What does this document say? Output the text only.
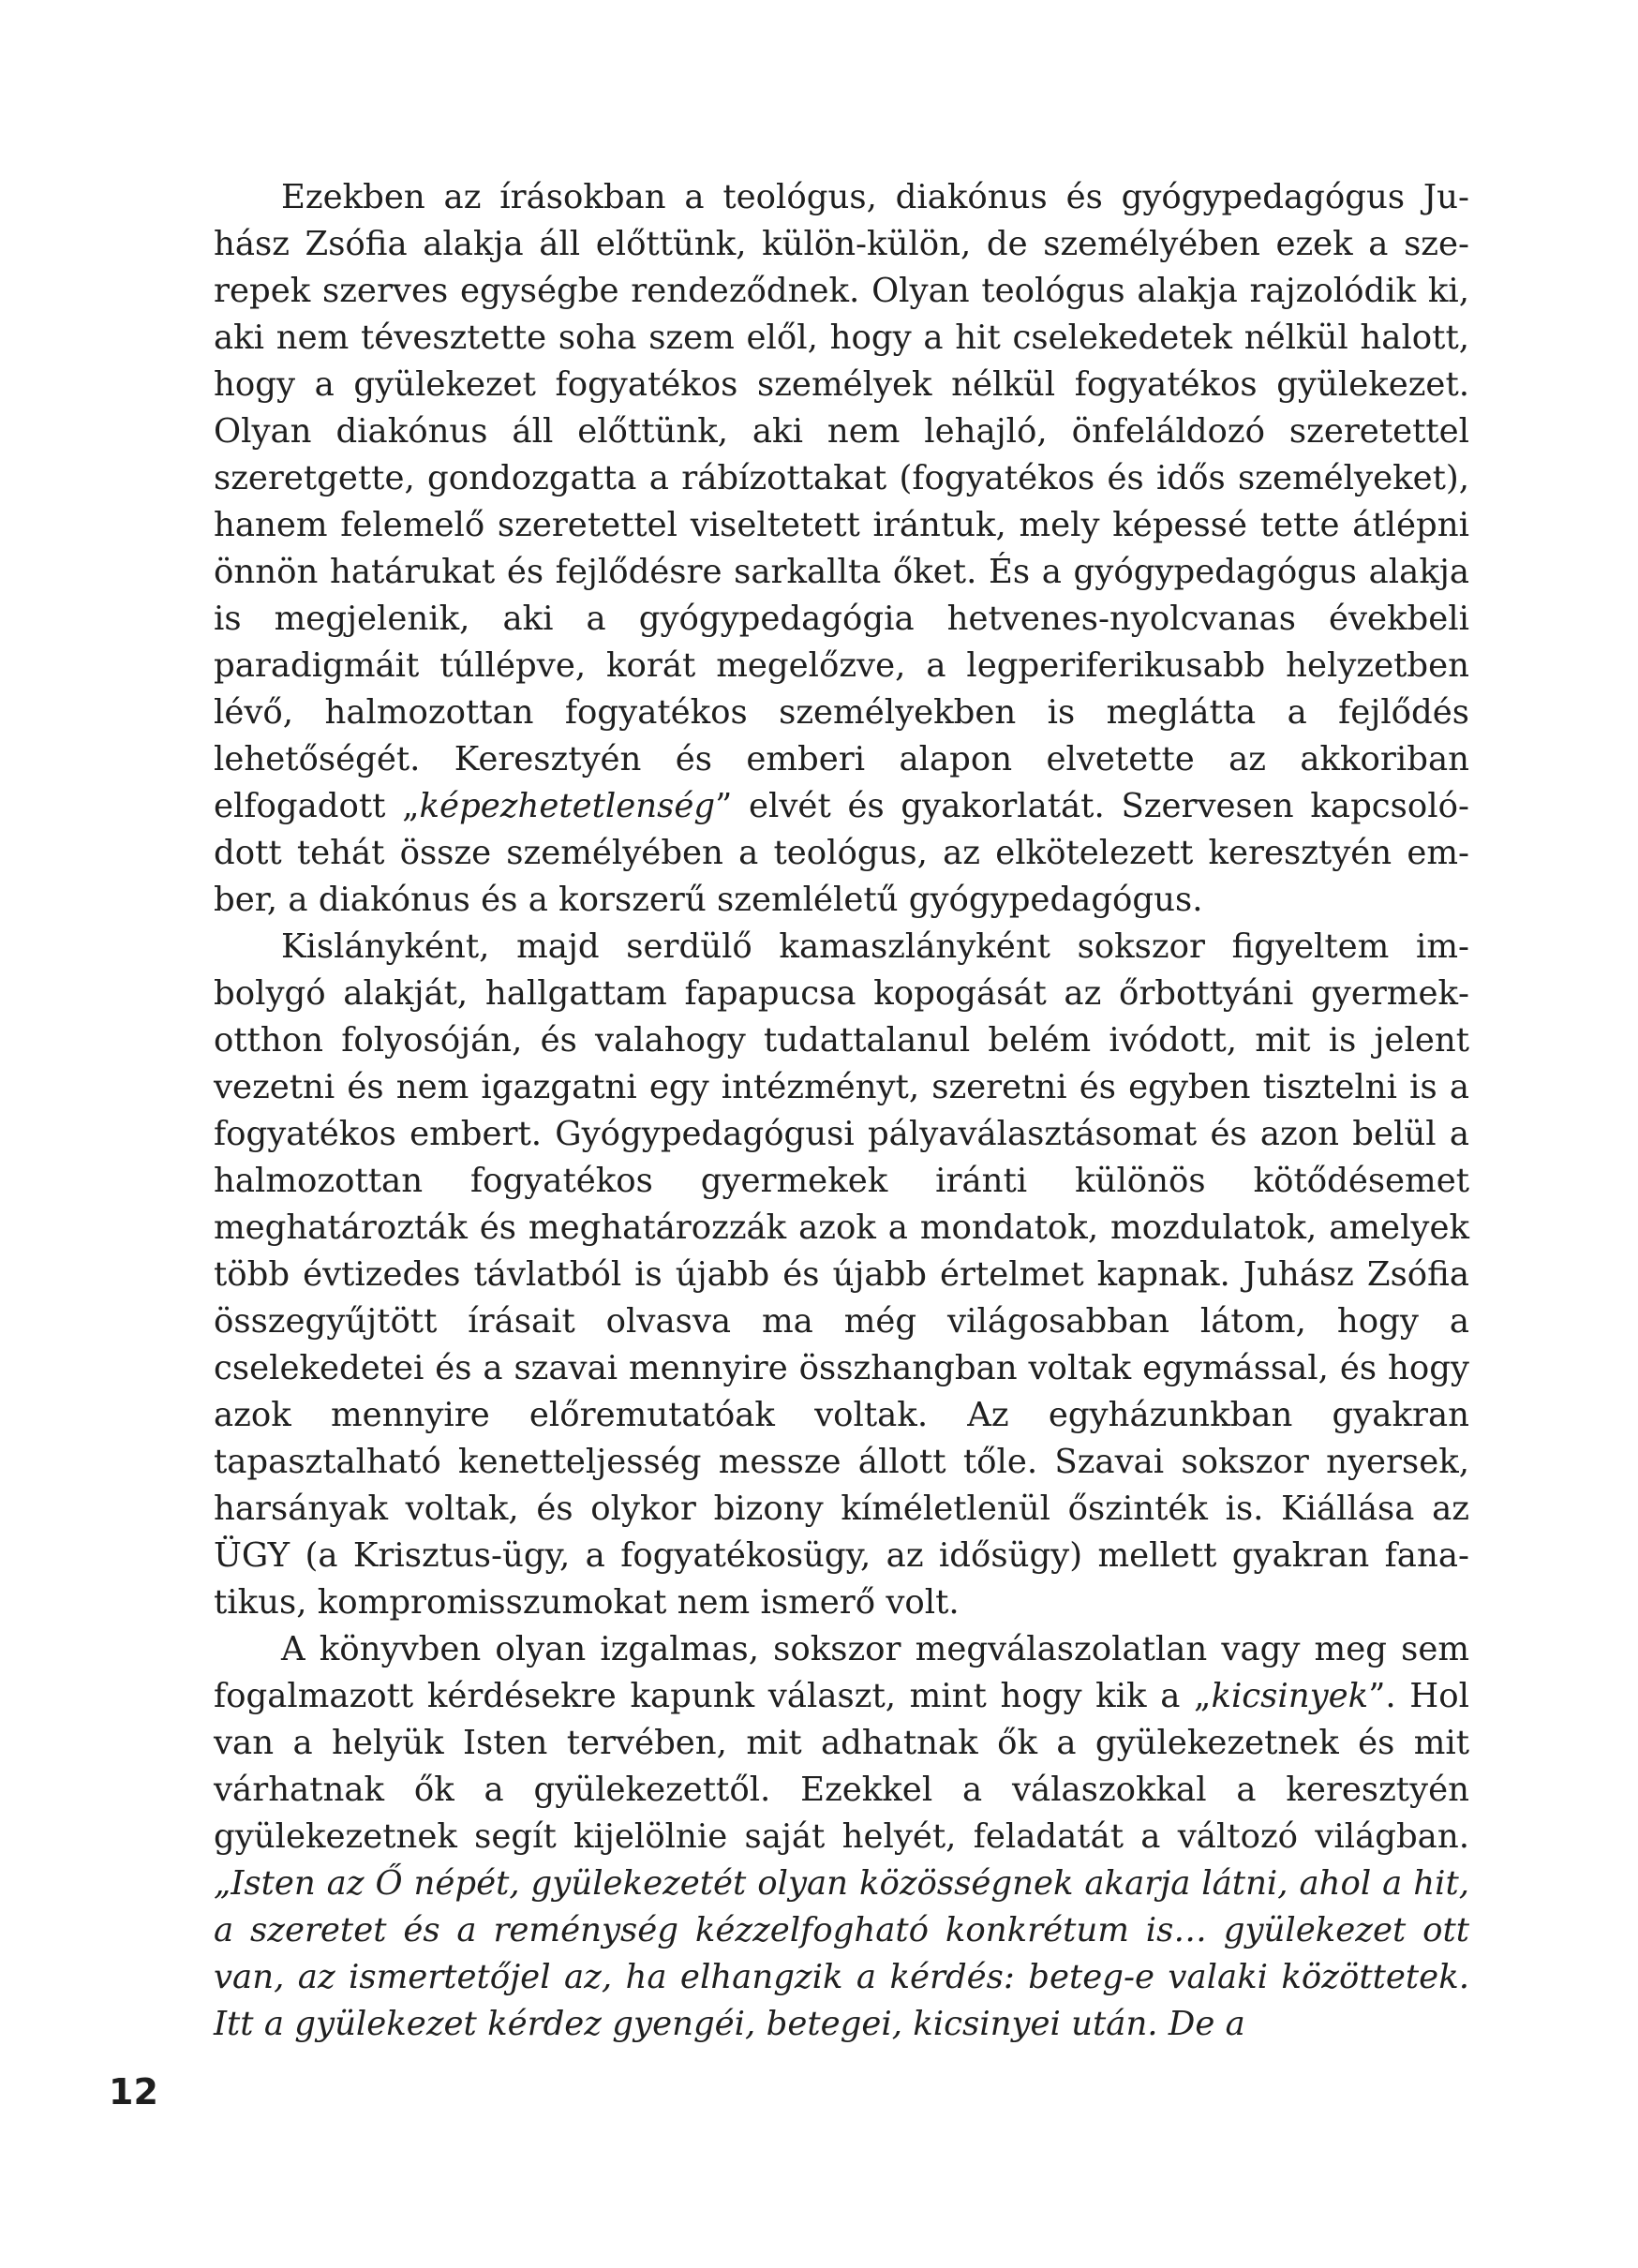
Ezekben az írásokban a teológus, diakónus és gyógypedagógus Juhász Zsófia alakja áll előttünk, külön-külön, de személyében ezek a szerepek szerves egységbe rendeződnek. Olyan teológus alakja rajzolódik ki, aki nem tévesztette soha szem elől, hogy a hit cselekedetek nélkül halott, hogy a gyülekezet fogyatékos személyek nélkül fogyatékos gyülekezet. Olyan diakónus áll előttünk, aki nem lehajló, önfeláldozó szeretettel szeretgette, gondozgatta a rábízottakat (fogyatékos és idős személyeket), hanem felemelő szeretettel viseltetett irántuk, mely képessé tette átlépni önnön határukat és fejlődésre sarkallta őket. És a gyógypedagógus alakja is megjelenik, aki a gyógypedagógia hetvenes-nyolcvanas évekbeli paradigmáit túllépve, korát megelőzve, a legperiferikusabb helyzetben lévő, halmozottan fogyatékos személyekben is meglátta a fejlődés lehetőségét. Keresztyén és emberi alapon elvetette az akkoriban elfogadott „képezhetetlenség” elvét és gyakorlatát. Szervesen kapcsolódott tehát össze személyében a teológus, az elkötelezett keresztyén ember, a diakónus és a korszerű szemléletű gyógypedagógus.

Kislányként, majd serdülő kamaszlányként sokszor figyeltem imbolygó alakját, hallgattam fapapucsa kopogását az őrbottyáni gyermekotthon folyosóján, és valahogy tudattalanul belém ivódott, mit is jelent vezetni és nem igazgatni egy intézményt, szeretni és egyben tisztelni is a fogyatékos embert. Gyógypedagógusi pályaválasztásomat és azon belül a halmozottan fogyatékos gyermekek iránti különös kötődésemet meghatározták és meghatározzák azok a mondatok, mozdulatok, amelyek több évtizedes távlatból is újabb és újabb értelmet kapnak. Juhász Zsófia összegyűjtött írásait olvasva ma még világosabban látom, hogy a cselekedetei és a szavai mennyire összhangban voltak egymással, és hogy azok mennyire előremutatóak voltak. Az egyházunkban gyakran tapasztalható kenetteljesség messze állott tőle. Szavai sokszor nyersek, harsányak voltak, és olykor bizony kíméletlenül őszinték is. Kiállása az ÜGY (a Krisztus-ügy, a fogyatékosügy, az idősügy) mellett gyakran fanatikus, kompromisszumokat nem ismerő volt.

A könyvben olyan izgalmas, sokszor megválaszolatlan vagy meg sem fogalmazott kérdésekre kapunk választ, mint hogy kik a „kicsinyek”. Hol van a helyük Isten tervében, mit adhatnak ők a gyülekezetnek és mit várhatnak ők a gyülekezettől. Ezekkel a válaszokkal a keresztyén gyülekezetnek segít kijelölnie saját helyét, feladatát a változó világban. „Isten az Ő népét, gyülekezetét olyan közösségnek akarja látni, ahol a hit, a szeretet és a reménység kézzelfogható konkrétum is… gyülekezet ott van, az ismertetőjel az, ha elhangzik a kérdés: beteg-e valaki közöttetek. Itt a gyülekezet kérdez gyengéi, betegei, kicsinyei után. De a

12
